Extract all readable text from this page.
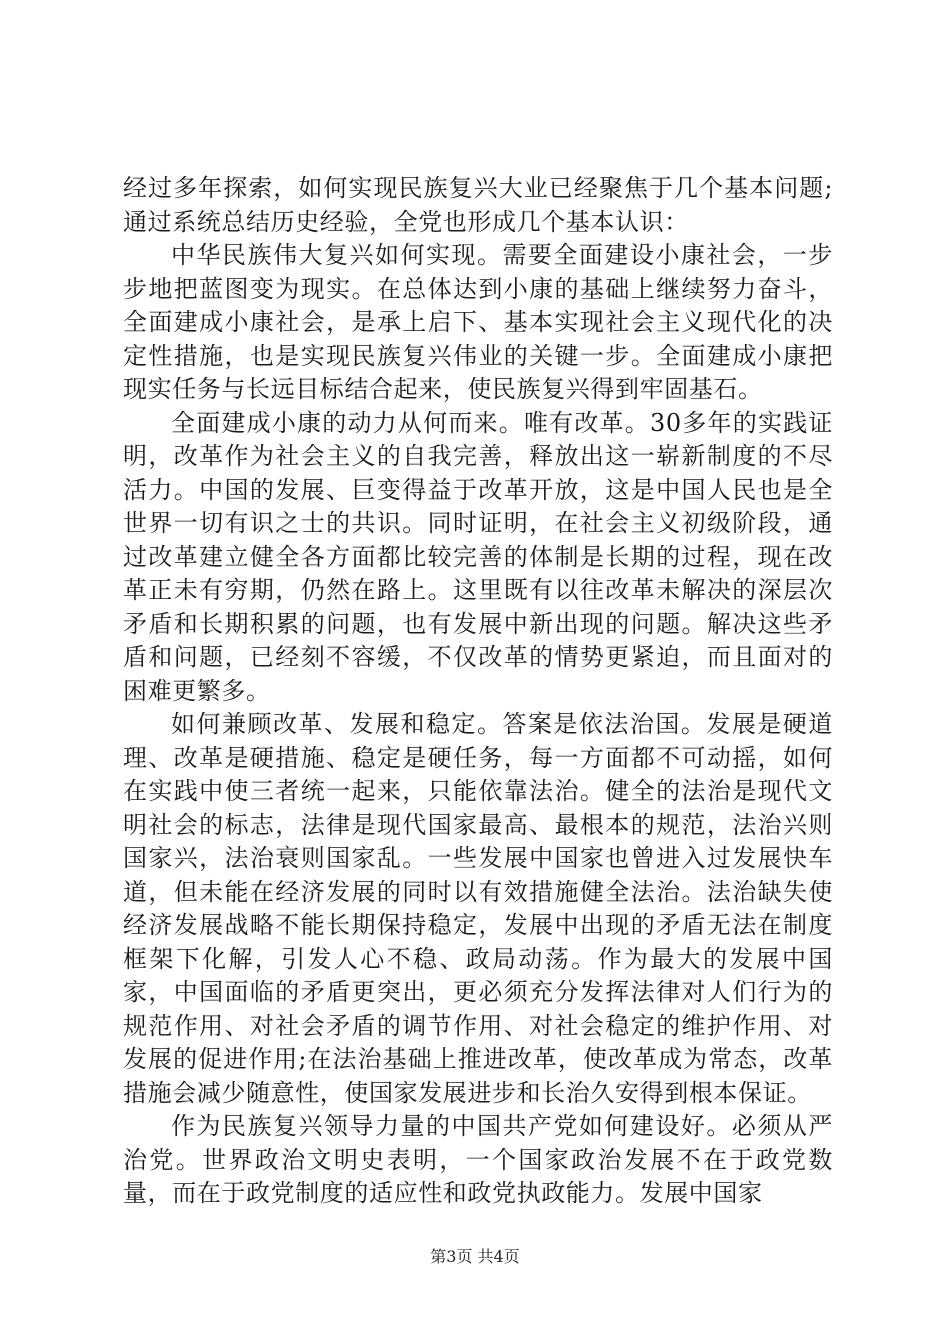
经过多年探索，如何实现民族复兴大业已经聚焦于几个基本问题;通过系统总结历史经验，全党也形成几个基本认识：

中华民族伟大复兴如何实现。需要全面建设小康社会，一步步地把蓝图变为现实。在总体达到小康的基础上继续努力奋斗，全面建成小康社会，是承上启下、基本实现社会主义现代化的决定性措施，也是实现民族复兴伟业的关键一步。全面建成小康把现实任务与长远目标结合起来，使民族复兴得到牢固基石。

全面建成小康的动力从何而来。唯有改革。30多年的实践证明，改革作为社会主义的自我完善，释放出这一崭新制度的不尽活力。中国的发展、巨变得益于改革开放，这是中国人民也是全世界一切有识之士的共识。同时证明，在社会主义初级阶段，通过改革建立健全各方面都比较完善的体制是长期的过程，现在改革正未有穷期，仍然在路上。这里既有以往改革未解决的深层次矛盾和长期积累的问题，也有发展中新出现的问题。解决这些矛盾和问题，已经刻不容缓，不仅改革的情势更紧迫，而且面对的困难更繁多。

如何兼顾改革、发展和稳定。答案是依法治国。发展是硬道理、改革是硬措施、稳定是硬任务，每一方面都不可动摇，如何在实践中使三者统一起来，只能依靠法治。健全的法治是现代文明社会的标志，法律是现代国家最高、最根本的规范，法治兴则国家兴，法治衰则国家乱。一些发展中国家也曾进入过发展快车道，但未能在经济发展的同时以有效措施健全法治。法治缺失使经济发展战略不能长期保持稳定，发展中出现的矛盾无法在制度框架下化解，引发人心不稳、政局动荡。作为最大的发展中国家，中国面临的矛盾更突出，更必须充分发挥法律对人们行为的规范作用、对社会矛盾的调节作用、对社会稳定的维护作用、对发展的促进作用;在法治基础上推进改革，使改革成为常态，改革措施会减少随意性，使国家发展进步和长治久安得到根本保证。

作为民族复兴领导力量的中国共产党如何建设好。必须从严治党。世界政治文明史表明，一个国家政治发展不在于政党数量，而在于政党制度的适应性和政党执政能力。发展中国家

第3页 共4页
